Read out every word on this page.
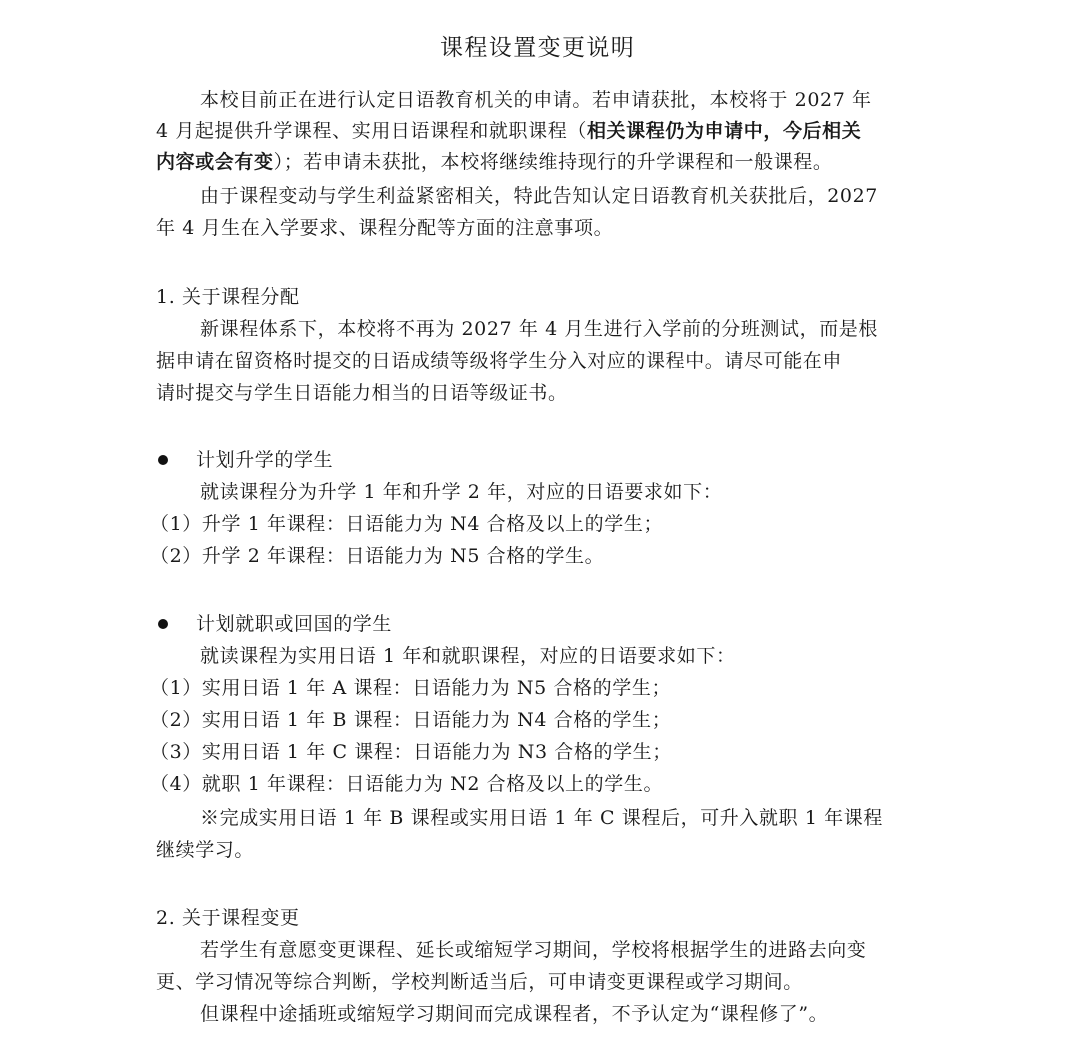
课程设置变更说明
本校目前正在进行认定日语教育机关的申请。若申请获批，本校将于 2027 年
4 月起提供升学课程、实用日语课程和就职课程（相关课程仍为申请中，今后相关
内容或会有变）；若申请未获批，本校将继续维持现行的升学课程和一般课程。
由于课程变动与学生利益紧密相关，特此告知认定日语教育机关获批后，2027
年 4 月生在入学要求、课程分配等方面的注意事项。
1. 关于课程分配
新课程体系下，本校将不再为 2027 年 4 月生进行入学前的分班测试，而是根
据申请在留资格时提交的日语成绩等级将学生分入对应的课程中。请尽可能在申
请时提交与学生日语能力相当的日语等级证书。
计划升学的学生
就读课程分为升学 1 年和升学 2 年，对应的日语要求如下：
（1）升学 1 年课程：日语能力为 N4 合格及以上的学生；
（2）升学 2 年课程：日语能力为 N5 合格的学生。
计划就职或回国的学生
就读课程为实用日语 1 年和就职课程，对应的日语要求如下：
（1）实用日语 1 年 A 课程：日语能力为 N5 合格的学生；
（2）实用日语 1 年 B 课程：日语能力为 N4 合格的学生；
（3）实用日语 1 年 C 课程：日语能力为 N3 合格的学生；
（4）就职 1 年课程：日语能力为 N2 合格及以上的学生。
※完成实用日语 1 年 B 课程或实用日语 1 年 C 课程后，可升入就职 1 年课程
继续学习。
2. 关于课程变更
若学生有意愿变更课程、延长或缩短学习期间，学校将根据学生的进路去向变
更、学习情况等综合判断，学校判断适当后，可申请变更课程或学习期间。
但课程中途插班或缩短学习期间而完成课程者，不予认定为“课程修了”。
